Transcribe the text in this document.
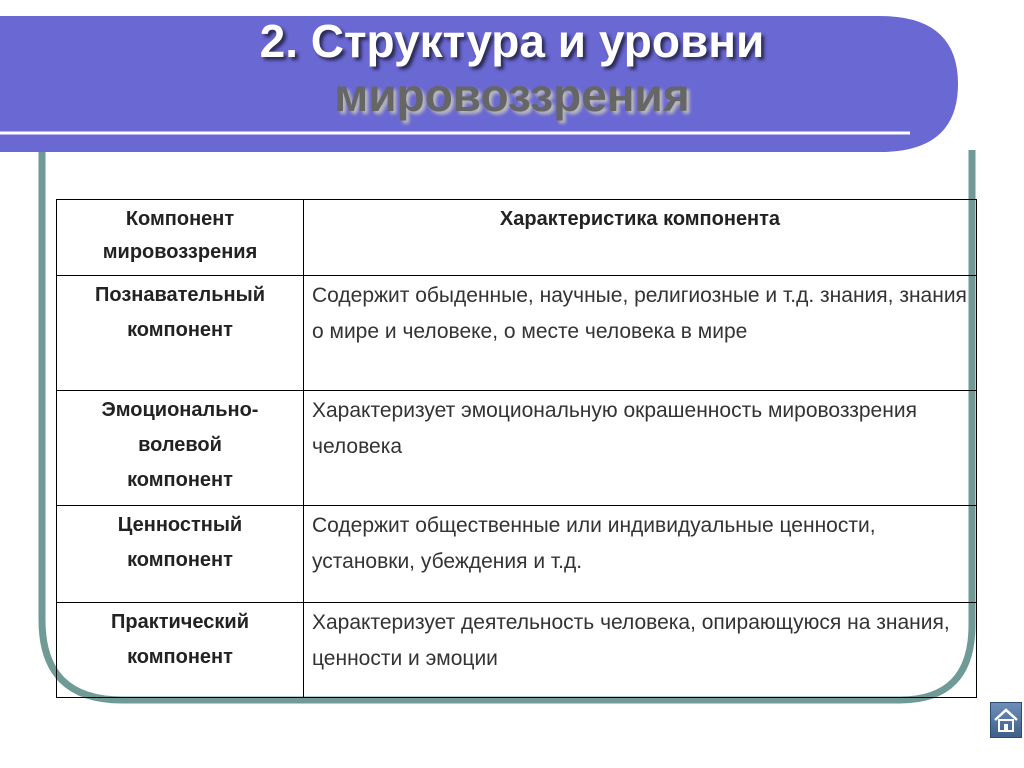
2. Структура и уровни
мировоззрения
Компонент мировоззрения	Характеристика компонента
Познавательный компонент	Содержит обыденные, научные, религиозные и т.д. знания, знания о мире и человеке, о месте человека в мире
Эмоционально-волевой компонент	Характеризует эмоциональную окрашенность мировоззрения человека
Ценностный компонент	Содержит общественные или индивидуальные ценности, установки, убеждения и т.д.
Практический компонент	Характеризует деятельность человека, опирающуюся на знания, ценности и эмоции
